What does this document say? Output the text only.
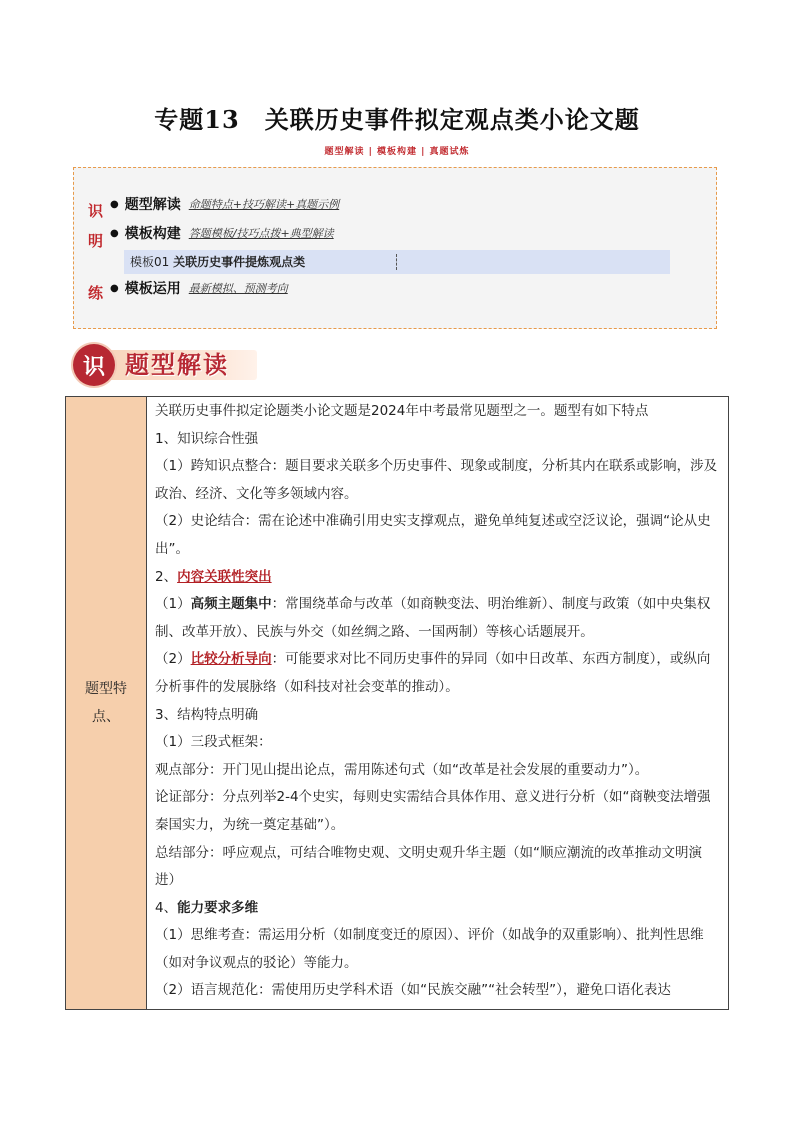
专题13　关联历史事件拟定观点类小论文题
题型解读 | 模板构建 | 真题试炼
识
明
练
● 题型解读 命题特点+技巧解读+真题示例
● 模板构建 答题模板/技巧点拨+典型解读
模板01 关联历史事件提炼观点类
● 模板运用 最新模拟、预测考向
识 题型解读
题型特点、	

关联历史事件拟定论题类小论文题是2024年中考最常见题型之一。题型有如下特点

1、知识综合性强

（1）跨知识点整合：题目要求关联多个历史事件、现象或制度，分析其内在联系或影响，涉及政治、经济、文化等多领域内容。

（2）史论结合：需在论述中准确引用史实支撑观点，避免单纯复述或空泛议论，强调“论从史出”。

2、内容关联性突出

（1）高频主题集中：常围绕革命与改革（如商鞅变法、明治维新）、制度与政策（如中央集权制、改革开放）、民族与外交（如丝绸之路、一国两制）等核心话题展开。

（2）比较分析导向：可能要求对比不同历史事件的异同（如中日改革、东西方制度），或纵向分析事件的发展脉络（如科技对社会变革的推动）。

3、结构特点明确

（1）三段式框架：

观点部分：开门见山提出论点，需用陈述句式（如“改革是社会发展的重要动力”）。

论证部分：分点列举2-4个史实，每则史实需结合具体作用、意义进行分析（如“商鞅变法增强秦国实力，为统一奠定基础”）。

总结部分：呼应观点，可结合唯物史观、文明史观升华主题（如“顺应潮流的改革推动文明演进）

4、能力要求多维

（1）思维考查：需运用分析（如制度变迁的原因）、评价（如战争的双重影响）、批判性思维（如对争议观点的驳论）等能力。

（2）语言规范化：需使用历史学科术语（如“民族交融”“社会转型”），避免口语化表达
